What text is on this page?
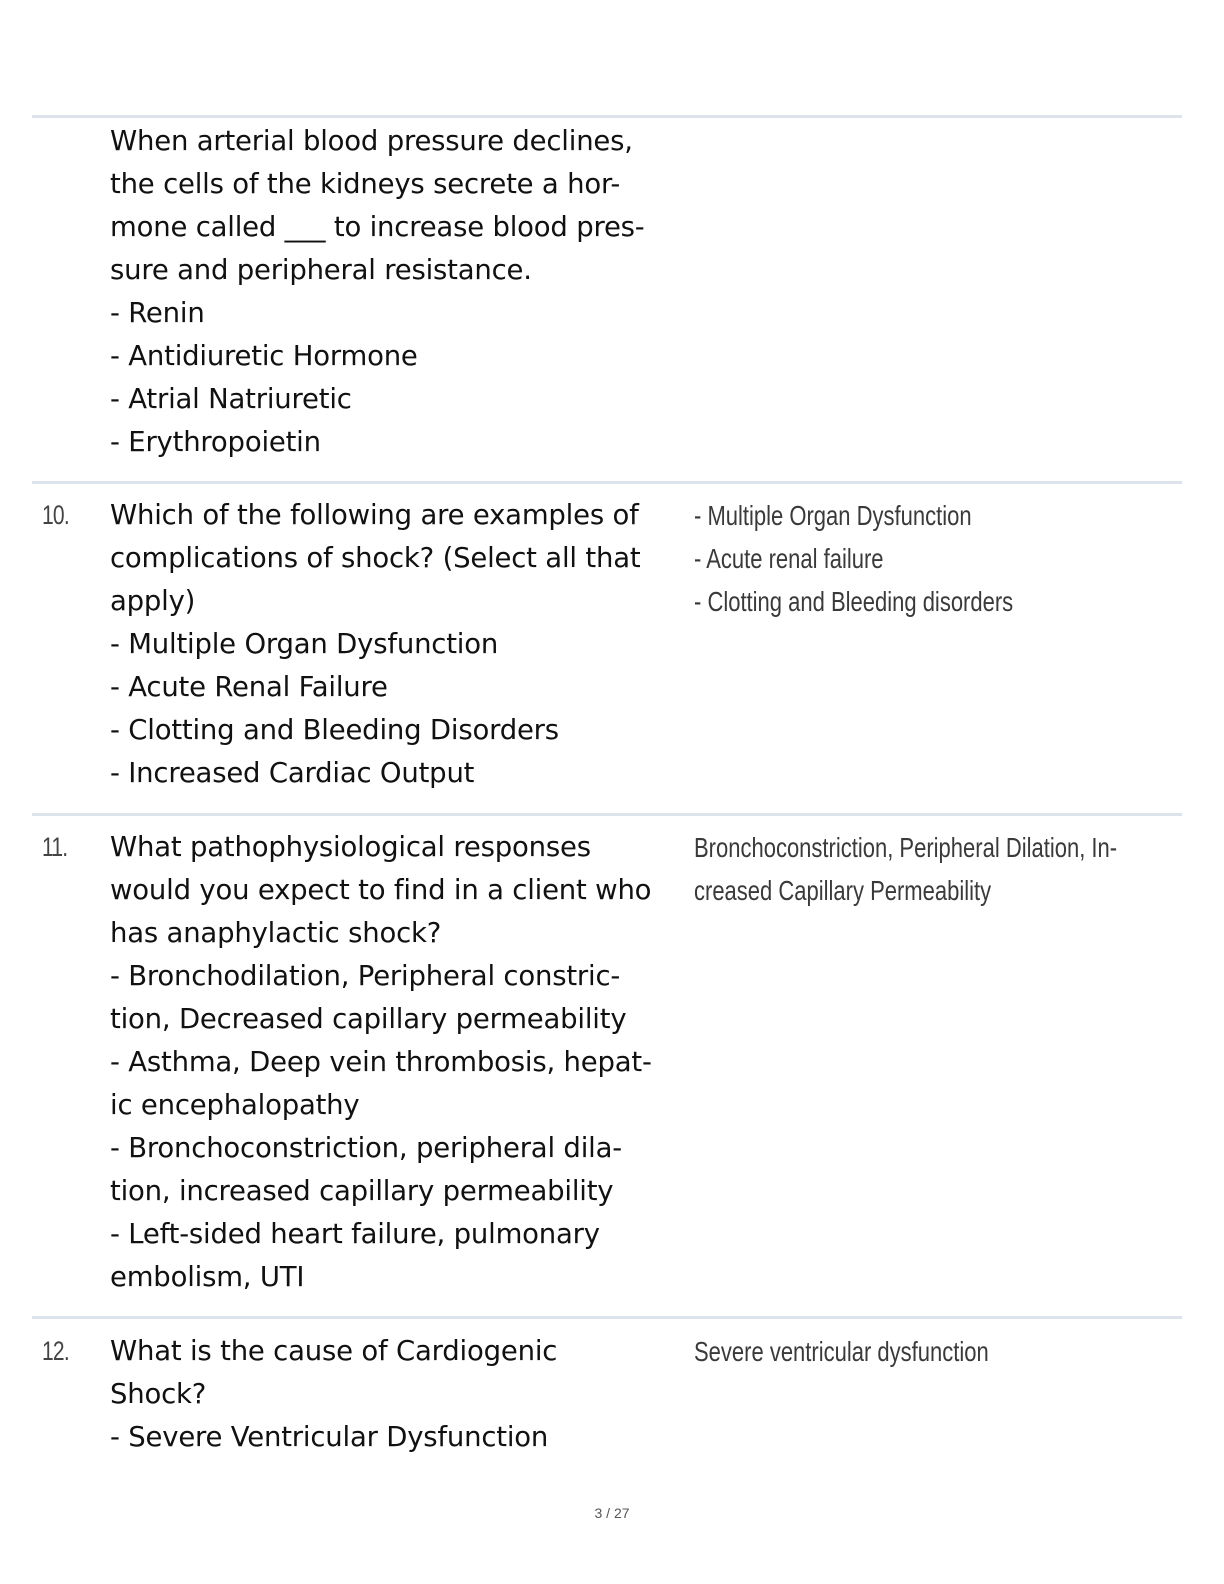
When arterial blood pressure declines,
the cells of the kidneys secrete a hor-
mone called ___ to increase blood pres-
sure and peripheral resistance.
- Renin
- Antidiuretic Hormone
- Atrial Natriuretic
- Erythropoietin
10. Which of the following are examples of
complications of shock? (Select all that
apply)
- Multiple Organ Dysfunction
- Acute Renal Failure
- Clotting and Bleeding Disorders
- Increased Cardiac Output
- Multiple Organ Dysfunction
- Acute renal failure
- Clotting and Bleeding disorders
11. What pathophysiological responses
would you expect to find in a client who
has anaphylactic shock?
- Bronchodilation, Peripheral constric-
tion, Decreased capillary permeability
- Asthma, Deep vein thrombosis, hepat-
ic encephalopathy
- Bronchoconstriction, peripheral dila-
tion, increased capillary permeability
- Left-sided heart failure, pulmonary
embolism, UTI
Bronchoconstriction, Peripheral Dilation, In-
creased Capillary Permeability
12. What is the cause of Cardiogenic
Shock?
- Severe Ventricular Dysfunction
Severe ventricular dysfunction
3 / 27
